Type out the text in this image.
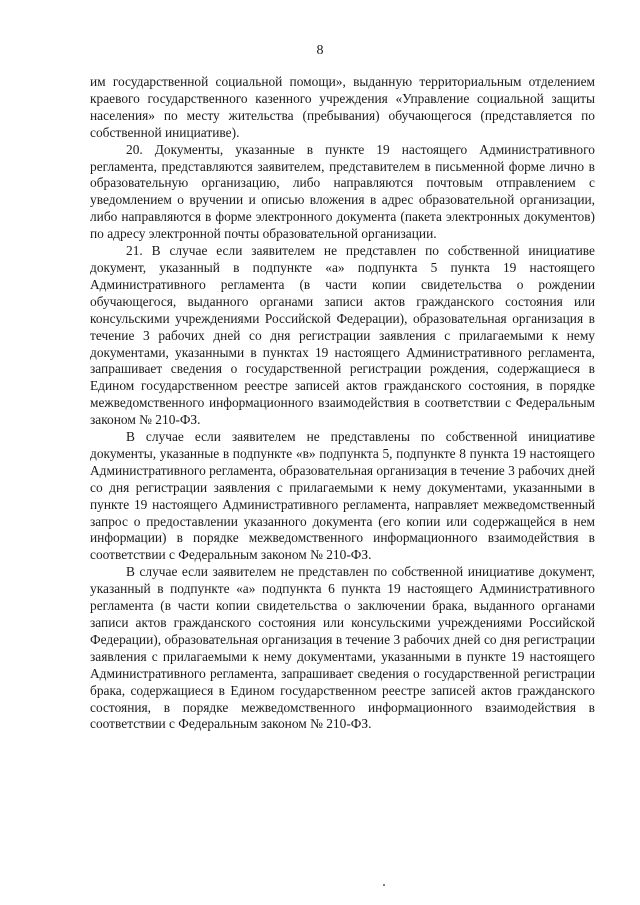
8

им государственной социальной помощи», выданную территориальным отделением краевого государственного казенного учреждения «Управление социальной защиты населения» по месту жительства (пребывания) обучающегося (представляется по собственной инициативе).

20. Документы, указанные в пункте 19 настоящего Административного регламента, представляются заявителем, представителем в письменной форме лично в образовательную организацию, либо направляются почтовым отправлением с уведомлением о вручении и описью вложения в адрес образовательной организации, либо направляются в форме электронного документа (пакета электронных документов) по адресу электронной почты образовательной организации.

21. В случае если заявителем не представлен по собственной инициативе документ, указанный в подпункте «а» подпункта 5 пункта 19 настоящего Административного регламента (в части копии свидетельства о рождении обучающегося, выданного органами записи актов гражданского состояния или консульскими учреждениями Российской Федерации), образовательная организация в течение 3 рабочих дней со дня регистрации заявления с прилагаемыми к нему документами, указанными в пунктах 19 настоящего Административного регламента, запрашивает сведения о государственной регистрации рождения, содержащиеся в Едином государственном реестре записей актов гражданского состояния, в порядке межведомственного информационного взаимодействия в соответствии с Федеральным законом № 210-ФЗ.

В случае если заявителем не представлены по собственной инициативе документы, указанные в подпункте «в» подпункта 5, подпункте 8 пункта 19 настоящего Административного регламента, образовательная организация в течение 3 рабочих дней со дня регистрации заявления с прилагаемыми к нему документами, указанными в пункте 19 настоящего Административного регламента, направляет межведомственный запрос о предоставлении указанного документа (его копии или содержащейся в нем информации) в порядке межведомственного информационного взаимодействия в соответствии с Федеральным законом № 210-ФЗ.

В случае если заявителем не представлен по собственной инициативе документ, указанный в подпункте «а» подпункта 6 пункта 19 настоящего Административного регламента (в части копии свидетельства о заключении брака, выданного органами записи актов гражданского состояния или консульскими учреждениями Российской Федерации), образовательная организация в течение 3 рабочих дней со дня регистрации заявления с прилагаемыми к нему документами, указанными в пункте 19 настоящего Административного регламента, запрашивает сведения о государственной регистрации брака, содержащиеся в Едином государственном реестре записей актов гражданского состояния, в порядке межведомственного информационного взаимодействия в соответствии с Федеральным законом № 210-ФЗ.
